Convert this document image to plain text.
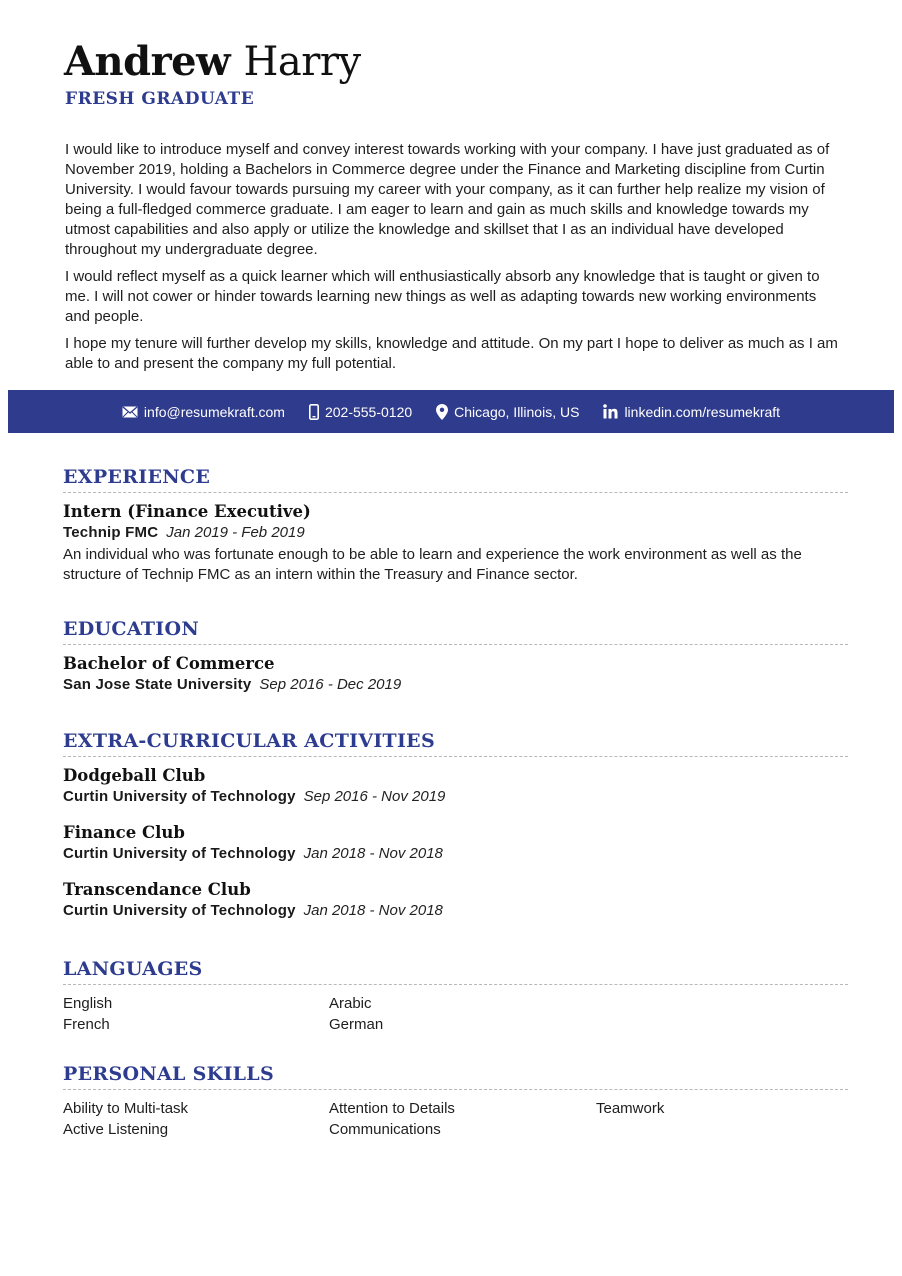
Andrew Harry
FRESH GRADUATE

I would like to introduce myself and convey interest towards working with your company. I have just graduated as of November 2019, holding a Bachelors in Commerce degree under the Finance and Marketing discipline from Curtin University. I would favour towards pursuing my career with your company, as it can further help realize my vision of being a full-fledged commerce graduate. I am eager to learn and gain as much skills and knowledge towards my utmost capabilities and also apply or utilize the knowledge and skillset that I as an individual have developed throughout my undergraduate degree.

I would reflect myself as a quick learner which will enthusiastically absorb any knowledge that is taught or given to me. I will not cower or hinder towards learning new things as well as adapting towards new working environments and people.

I hope my tenure will further develop my skills, knowledge and attitude. On my part I hope to deliver as much as I am able to and present the company my full potential.

info@resumekraft.com	202-555-0120	Chicago, Illinois, US	linkedin.com/resumekraft
EXPERIENCE
Intern (Finance Executive)
Technip FMC Jan 2019 - Feb 2019
An individual who was fortunate enough to be able to learn and experience the work environment as well as the structure of Technip FMC as an intern within the Treasury and Finance sector.
EDUCATION
Bachelor of Commerce
San Jose State University Sep 2016 - Dec 2019
EXTRA-CURRICULAR ACTIVITIES
Dodgeball Club
Curtin University of Technology Sep 2016 - Nov 2019
Finance Club
Curtin University of Technology Jan 2018 - Nov 2018
Transcendance Club
Curtin University of Technology Jan 2018 - Nov 2018
LANGUAGES
English	Arabic
French	German
PERSONAL SKILLS
Ability to Multi-task	Attention to Details	Teamwork
Active Listening	Communications
